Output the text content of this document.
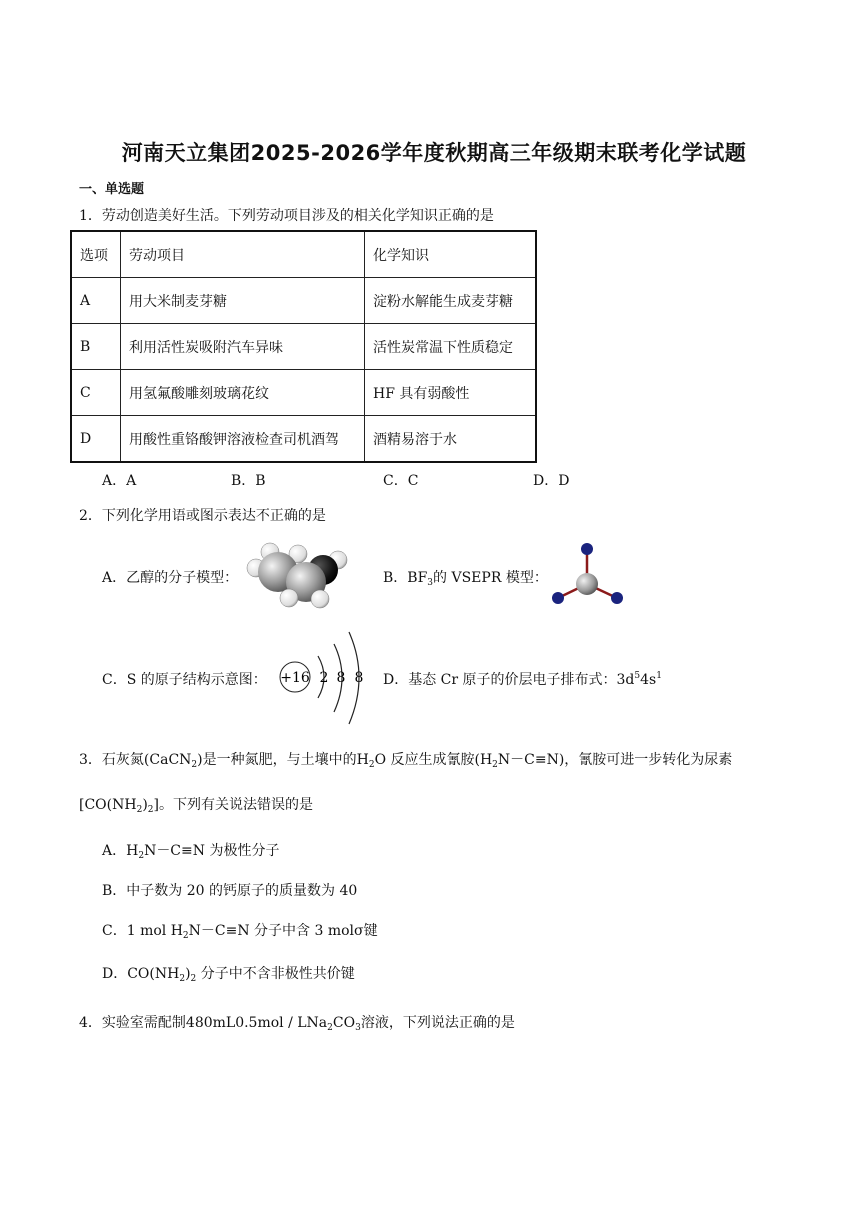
河南天立集团2025-2026学年度秋期高三年级期末联考化学试题
一、单选题
1．劳动创造美好生活。下列劳动项目涉及的相关化学知识正确的是
选项	劳动项目	化学知识
A	用大米制麦芽糖	淀粉水解能生成麦芽糖
B	利用活性炭吸附汽车异味	活性炭常温下性质稳定
C	用氢氟酸雕刻玻璃花纹	HF 具有弱酸性
D	用酸性重铬酸钾溶液检查司机酒驾	酒精易溶于水
A．A	B．B	C．C	D．D
2．下列化学用语或图示表达不正确的是
A．乙醇的分子模型：	B．$BF_3$的 VSEPR 模型：
C．S 的原子结构示意图： +16 2 8 8 D．基态 Cr 原子的价层电子排布式：$3d^54s^1$
3．石灰氮(CaCN$_2$)是一种氮肥，与土壤中的$H_2O$ 反应生成氰胺$(H_2N-C\equiv N)$，氰胺可进一步转化为尿素
$[CO(NH_2)_2]$。下列有关说法错误的是
A．$H_2N-C\equiv N$ 为极性分子
B．中子数为 20 的钙原子的质量数为 40
C．1 mol $H_2N-C\equiv N$ 分子中含 3 molσ键
D．$CO(NH_2)_2$ 分子中不含非极性共价键
4．实验室需配制$480mL0.5mol / LNa_2CO_3$溶液，下列说法正确的是
